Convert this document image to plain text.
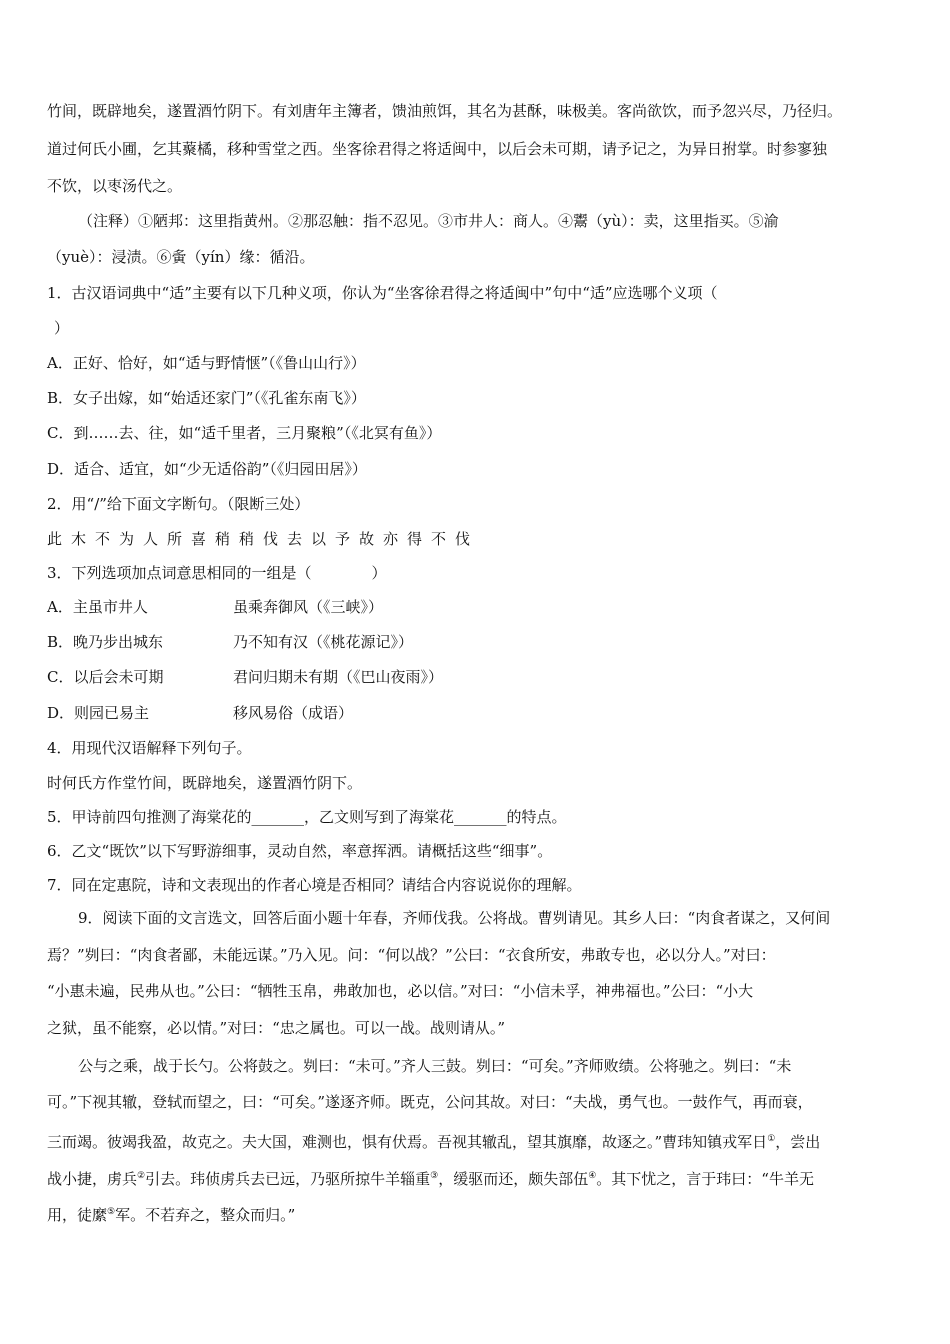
竹间，既辟地矣，遂置酒竹阴下。有刘唐年主簿者，馈油煎饵，其名为甚酥，味极美。客尚欲饮，而予忽兴尽，乃径归。
道过何氏小圃，乞其藂橘，移种雪堂之西。坐客徐君得之将适闽中，以后会未可期，请予记之，为异日拊掌。时参寥独
不饮，以枣汤代之。
（注释）①陋邦：这里指黄州。②那忍触：指不忍见。③市井人：商人。④鬻（yù）：卖，这里指买。⑤渝
（yuè）：浸渍。⑥夤（yín）缘：循沿。
1．古汉语词典中“适”主要有以下几种义项，你认为“坐客徐君得之将适闽中”句中“适”应选哪个义项（
）
A．正好、恰好，如“适与野情惬”（《鲁山山行》）
B．女子出嫁，如“始适还家门”（《孔雀东南飞》）
C．到……去、往，如“适千里者，三月聚粮”（《北冥有鱼》）
D．适合、适宜，如“少无适俗韵”（《归园田居》）
2．用“/”给下面文字断句。（限断三处）
此木不为人所喜稍稍伐去以予故亦得不伐
3．下列选项加点词意思相同的一组是（　　　　）
A．主虽市井人	虽乘奔御风（《三峡》）
B．晚乃步出城东	乃不知有汉（《桃花源记》）
C．以后会未可期	君问归期未有期（《巴山夜雨》）
D．则园已易主	移风易俗（成语）
4．用现代汉语解释下列句子。
时何氏方作堂竹间，既辟地矣，遂置酒竹阴下。
5．甲诗前四句推测了海棠花的_______，乙文则写到了海棠花_______的特点。
6．乙文“既饮”以下写野游细事，灵动自然，率意挥洒。请概括这些“细事”。
7．同在定惠院，诗和文表现出的作者心境是否相同？请结合内容说说你的理解。
9．阅读下面的文言选文，回答后面小题十年春，齐师伐我。公将战。曹刿请见。其乡人曰：“肉食者谋之，又何间
焉？”刿曰：“肉食者鄙，未能远谋。”乃入见。问：“何以战？”公曰：“衣食所安，弗敢专也，必以分人。”对曰：
“小惠未遍，民弗从也。”公曰：“牺牲玉帛，弗敢加也，必以信。”对曰：“小信未孚，神弗福也。”公曰：“小大
之狱，虽不能察，必以情。”对曰：“忠之属也。可以一战。战则请从。”
公与之乘，战于长勺。公将鼓之。刿曰：“未可。”齐人三鼓。刿曰：“可矣。”齐师败绩。公将驰之。刿曰：“未
可。”下视其辙，登轼而望之，曰：“可矣。”遂逐齐师。既克，公问其故。对曰：“夫战，勇气也。一鼓作气，再而衰，
三而竭。彼竭我盈，故克之。夫大国，难测也，惧有伏焉。吾视其辙乱，望其旗靡，故逐之。”曹玮知镇戎军日①，尝出
战小捷，虏兵②引去。玮侦虏兵去已远，乃驱所掠牛羊辎重③，缓驱而还，颇失部伍④。其下忧之，言于玮曰：“牛羊无
用，徒縻⑤军。不若弃之，整众而归。”
